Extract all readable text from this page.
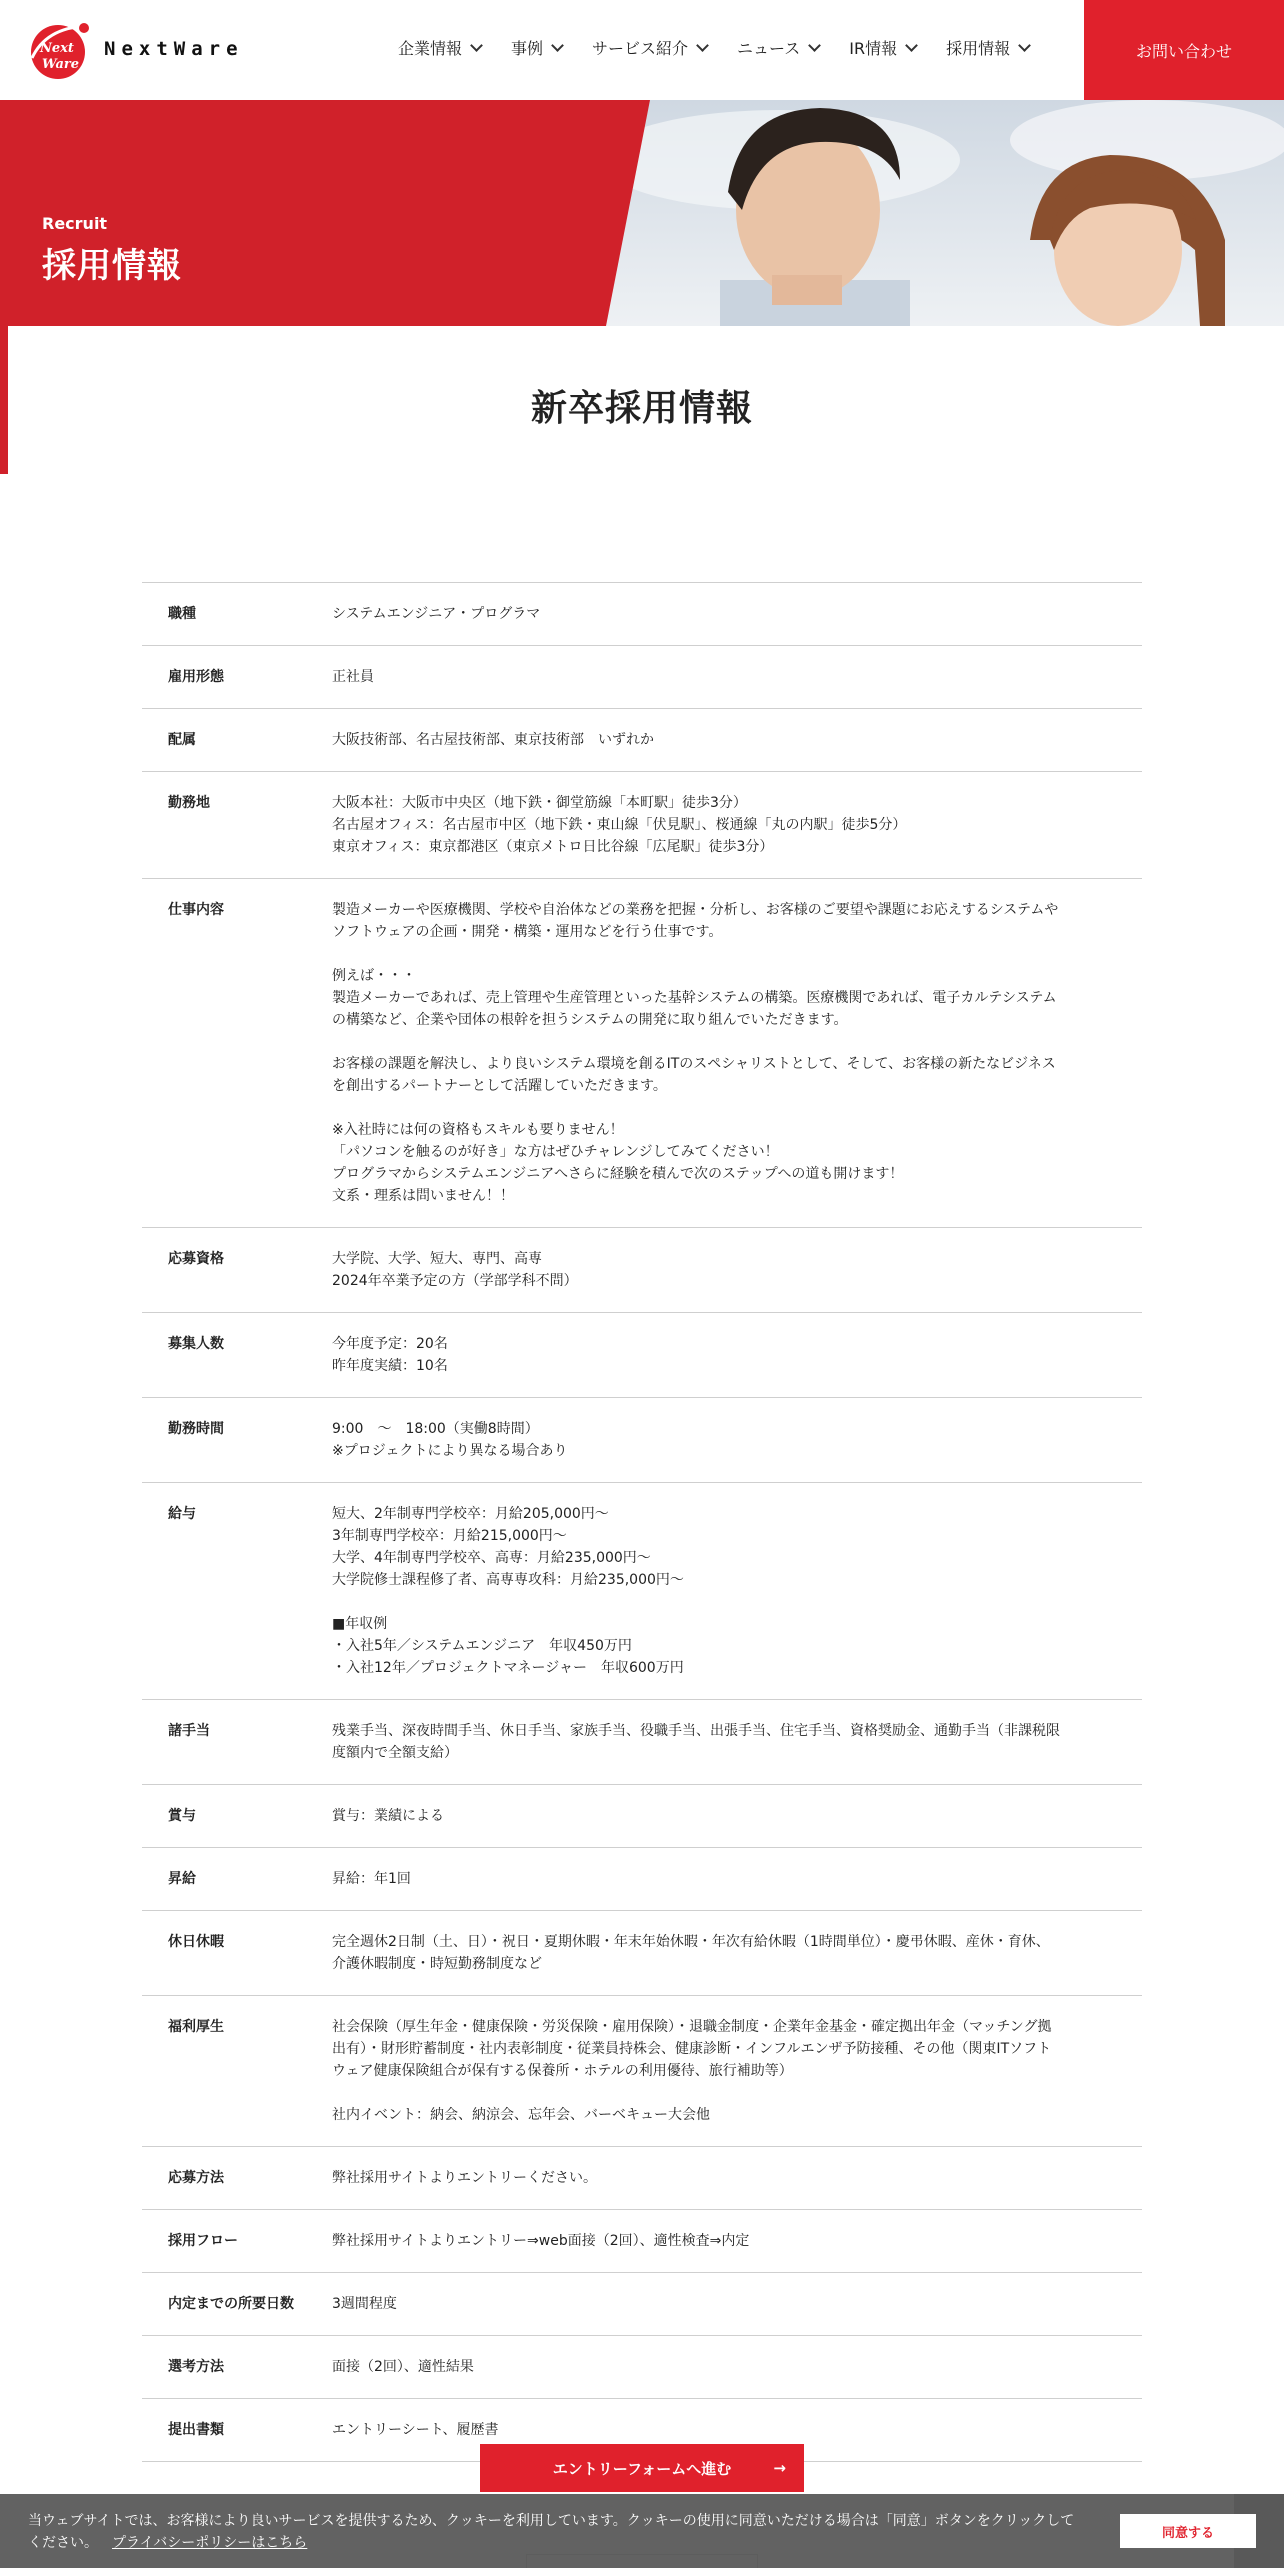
Next
Ware
NextWare	企業情報	事例	サービス紹介	ニュース	IR情報	採用情報	お問い合わせ
Recruit
採用情報
新卒採用情報
職種	システムエンジニア・プログラマ

雇用形態	正社員

配属	大阪技術部、名古屋技術部、東京技術部　いずれか

勤務地	大阪本社：大阪市中央区（地下鉄・御堂筋線「本町駅」徒歩3分）

名古屋オフィス：名古屋市中区（地下鉄・東山線「伏見駅」、桜通線「丸の内駅」徒歩5分）

東京オフィス：東京都港区（東京メトロ日比谷線「広尾駅」徒歩3分）

仕事内容	製造メーカーや医療機関、学校や自治体などの業務を把握・分析し、お客様のご要望や課題にお応えするシステムや

ソフトウェアの企画・開発・構築・運用などを行う仕事です。

例えば・・・

製造メーカーであれば、売上管理や生産管理といった基幹システムの構築。医療機関であれば、電子カルテシステム

の構築など、企業や団体の根幹を担うシステムの開発に取り組んでいただきます。

お客様の課題を解決し、より良いシステム環境を創るITのスペシャリストとして、そして、お客様の新たなビジネス

を創出するパートナーとして活躍していただきます。

※入社時には何の資格もスキルも要りません！

「パソコンを触るのが好き」な方はぜひチャレンジしてみてください！

プログラマからシステムエンジニアへさらに経験を積んで次のステップへの道も開けます！

文系・理系は問いません！！

応募資格	大学院、大学、短大、専門、高専

2024年卒業予定の方（学部学科不問）

募集人数	今年度予定：20名

昨年度実績：10名

勤務時間	9:00　～　18:00（実働8時間）

※プロジェクトにより異なる場合あり

給与	短大、2年制専門学校卒：月給205,000円～

3年制専門学校卒：月給215,000円～

大学、4年制専門学校卒、高専：月給235,000円～

大学院修士課程修了者、高専専攻科：月給235,000円～

■年収例

・入社5年／システムエンジニア　年収450万円

・入社12年／プロジェクトマネージャー　年収600万円

諸手当	残業手当、深夜時間手当、休日手当、家族手当、役職手当、出張手当、住宅手当、資格奨励金、通勤手当（非課税限

度額内で全額支給）

賞与	賞与：業績による

昇給	昇給：年1回

休日休暇	完全週休2日制（土、日）・祝日・夏期休暇・年末年始休暇・年次有給休暇（1時間単位）・慶弔休暇、産休・育休、

介護休暇制度・時短勤務制度など

福利厚生	社会保険（厚生年金・健康保険・労災保険・雇用保険）・退職金制度・企業年金基金・確定拠出年金（マッチング拠

出有）・財形貯蓄制度・社内表彰制度・従業員持株会、健康診断・インフルエンザ予防接種、その他（関東ITソフト

ウェア健康保険組合が保有する保養所・ホテルの利用優待、旅行補助等）

社内イベント：納会、納涼会、忘年会、バーベキュー大会他

応募方法	弊社採用サイトよりエントリーください。

採用フロー	弊社採用サイトよりエントリー⇒web面接（2回）、適性検査⇒内定

内定までの所要日数	3週間程度

選考方法	面接（2回）、適性結果

提出書類	エントリーシート、履歴書

エントリーフォームへ進む	→

当ウェブサイトでは、お客様により良いサービスを提供するため、クッキーを利用しています。クッキーの使用に同意いただける場合は「同意」ボタンをクリックしてください。 プライバシーポリシーはこちら

同意する
